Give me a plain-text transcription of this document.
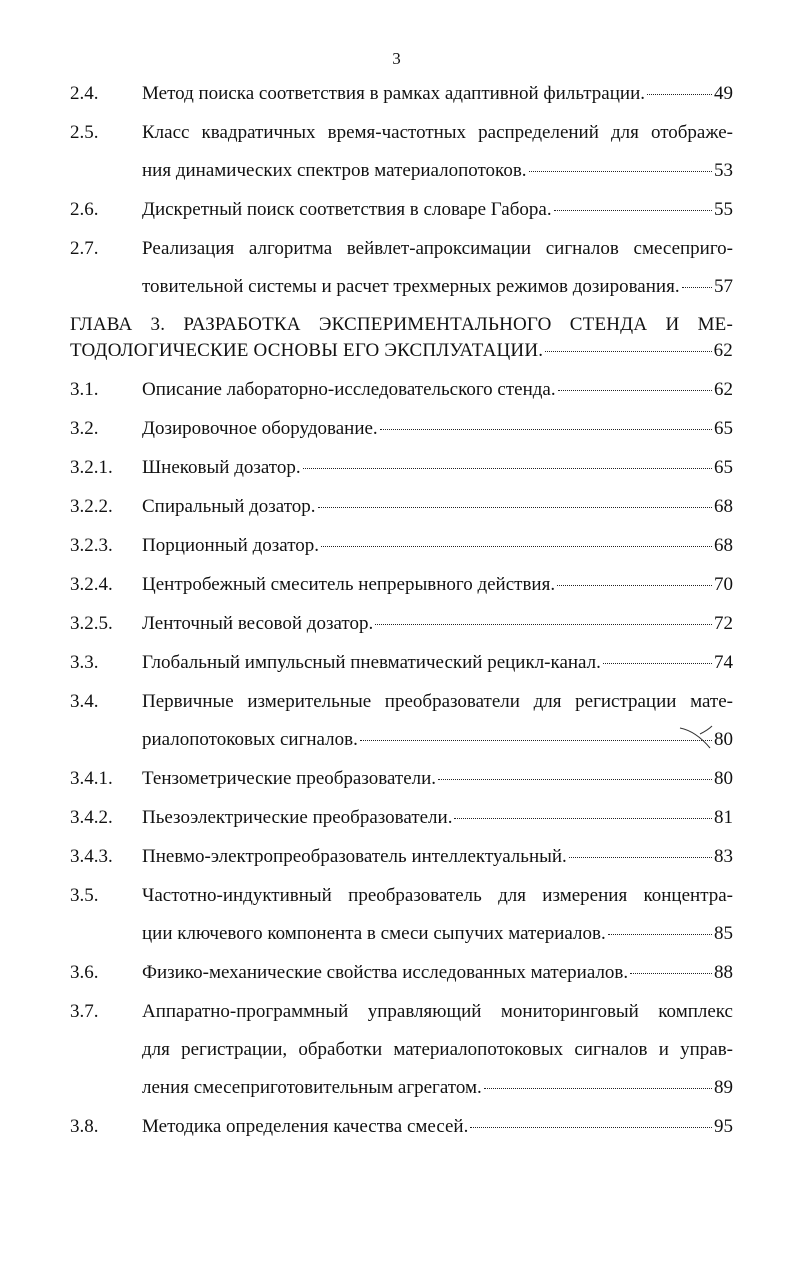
3
2.4.	Метод поиска соответствия в рамках адаптивной фильтрации.	49
2.5.	Класс квадратичных время-частотных распределений для отображе-
ния динамических спектров материалопотоков.	53
2.6.	Дискретный поиск соответствия в словаре Габора.	55
2.7.	Реализация алгоритма вейвлет-апроксимации сигналов смесеприго-
товительной системы и расчет трехмерных режимов дозирования. 57
ГЛАВА 3. РАЗРАБОТКА ЭКСПЕРИМЕНТАЛЬНОГО СТЕНДА И МЕ-
ТОДОЛОГИЧЕСКИЕ ОСНОВЫ ЕГО ЭКСПЛУАТАЦИИ.	62
3.1.	Описание лабораторно-исследовательского стенда.	62
3.2.	Дозировочное оборудование.	65
3.2.1.	Шнековый дозатор.	65
3.2.2.	Спиральный дозатор.	68
3.2.3.	Порционный дозатор.	68
3.2.4.	Центробежный смеситель непрерывного действия.	70
3.2.5.	Ленточный весовой дозатор.	72
3.3.	Глобальный импульсный пневматический рецикл-канал.	74
3.4.	Первичные измерительные преобразователи для регистрации мате-
риалопотоковых сигналов.	80
3.4.1.	Тензометрические преобразователи.	80
3.4.2.	Пьезоэлектрические преобразователи.	81
3.4.3.	Пневмо-электропреобразователь интеллектуальный.	83
3.5.	Частотно-индуктивный преобразователь для измерения концентра-
ции ключевого компонента в смеси сыпучих материалов.	85
3.6.	Физико-механические свойства исследованных материалов.	88
3.7.	Аппаратно-программный управляющий мониторинговый комплекс
для регистрации, обработки материалопотоковых сигналов и управ-
ления смесеприготовительным агрегатом.	89
3.8.	Методика определения качества смесей.	95
